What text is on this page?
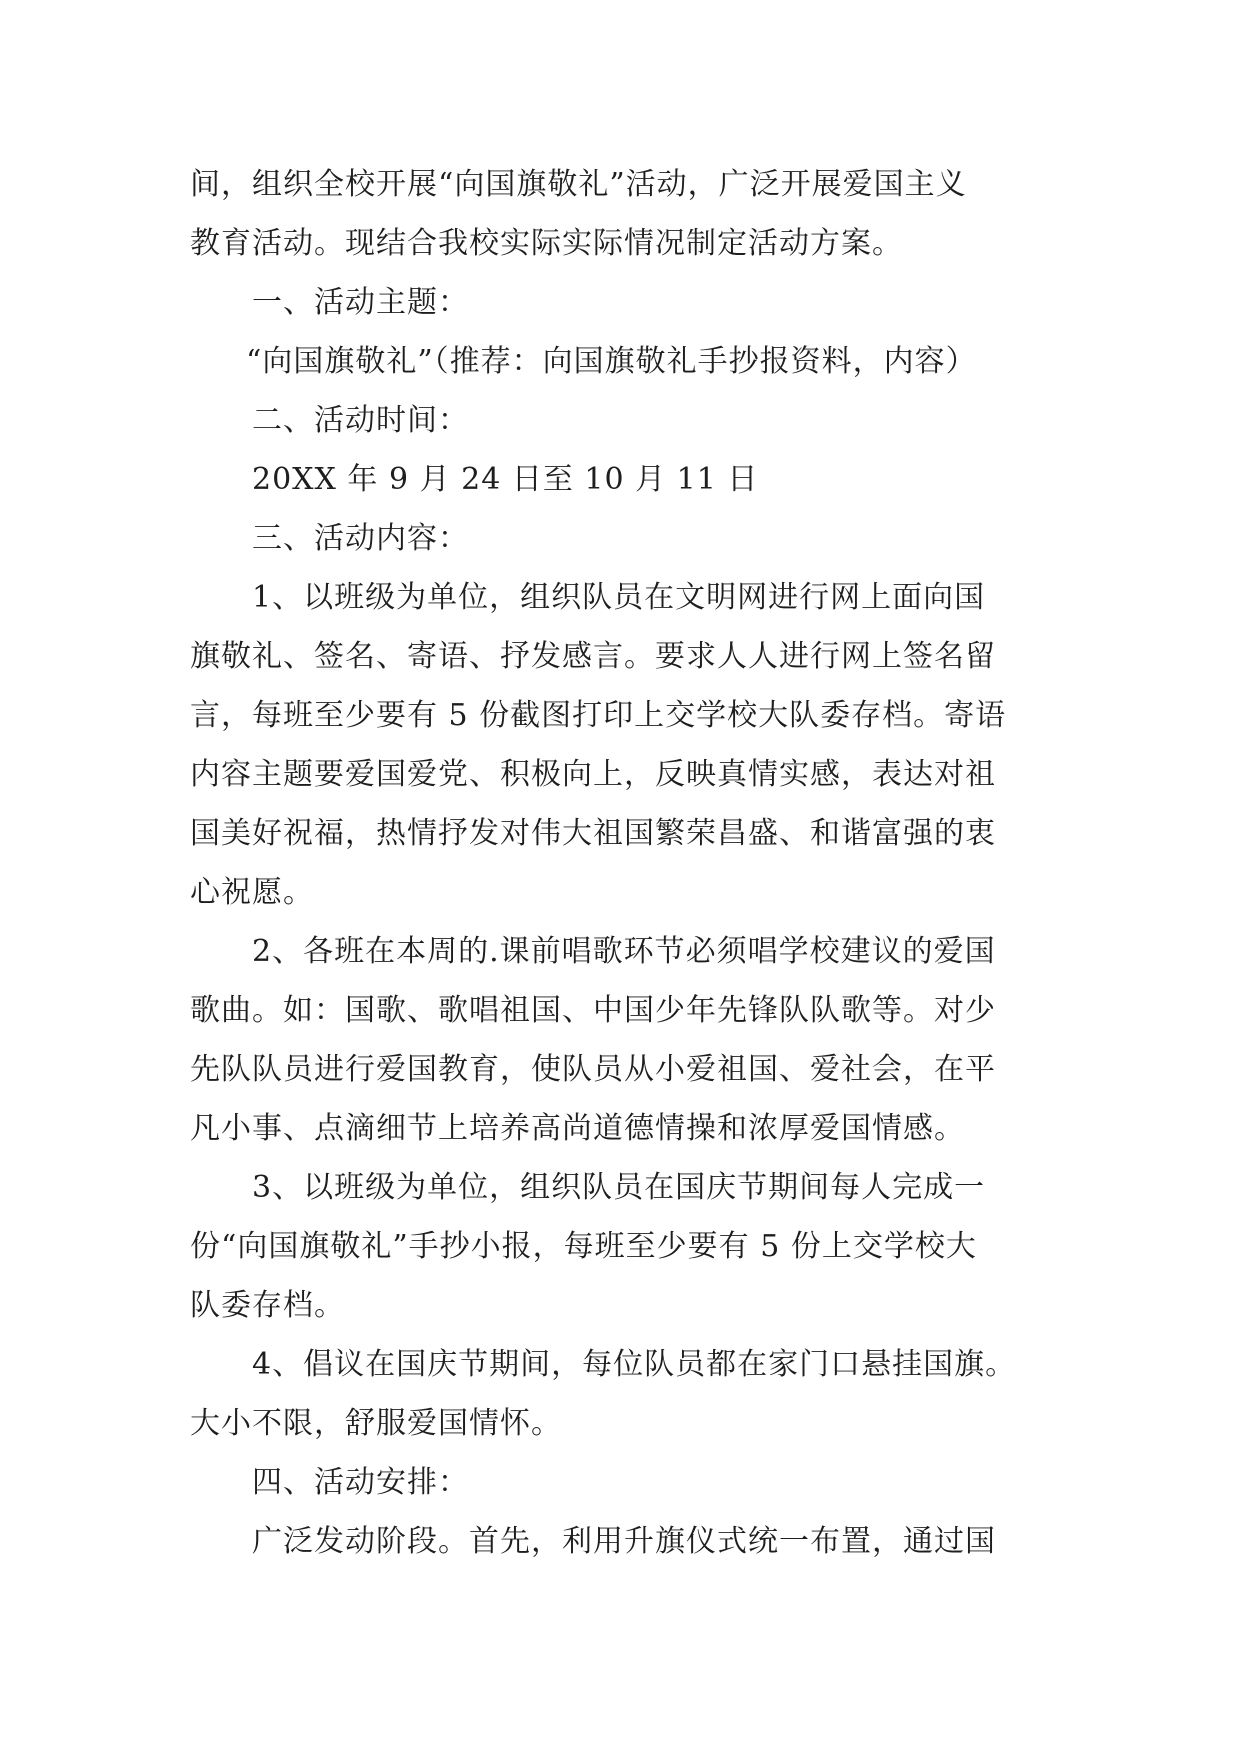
间，组织全校开展“向国旗敬礼”活动，广泛开展爱国主义
教育活动。现结合我校实际实际情况制定活动方案。
一、活动主题：
“向国旗敬礼”（推荐：向国旗敬礼手抄报资料，内容）
二、活动时间：
20XX 年 9 月 24 日至 10 月 11 日
三、活动内容：
1、以班级为单位，组织队员在文明网进行网上面向国
旗敬礼、签名、寄语、抒发感言。要求人人进行网上签名留
言，每班至少要有 5 份截图打印上交学校大队委存档。寄语
内容主题要爱国爱党、积极向上，反映真情实感，表达对祖
国美好祝福，热情抒发对伟大祖国繁荣昌盛、和谐富强的衷
心祝愿。
2、各班在本周的.课前唱歌环节必须唱学校建议的爱国
歌曲。如：国歌、歌唱祖国、中国少年先锋队队歌等。对少
先队队员进行爱国教育，使队员从小爱祖国、爱社会，在平
凡小事、点滴细节上培养高尚道德情操和浓厚爱国情感。
3、以班级为单位，组织队员在国庆节期间每人完成一
份“向国旗敬礼”手抄小报，每班至少要有 5 份上交学校大
队委存档。
4、倡议在国庆节期间，每位队员都在家门口悬挂国旗。
大小不限，舒服爱国情怀。
四、活动安排：
广泛发动阶段。首先，利用升旗仪式统一布置，通过国
